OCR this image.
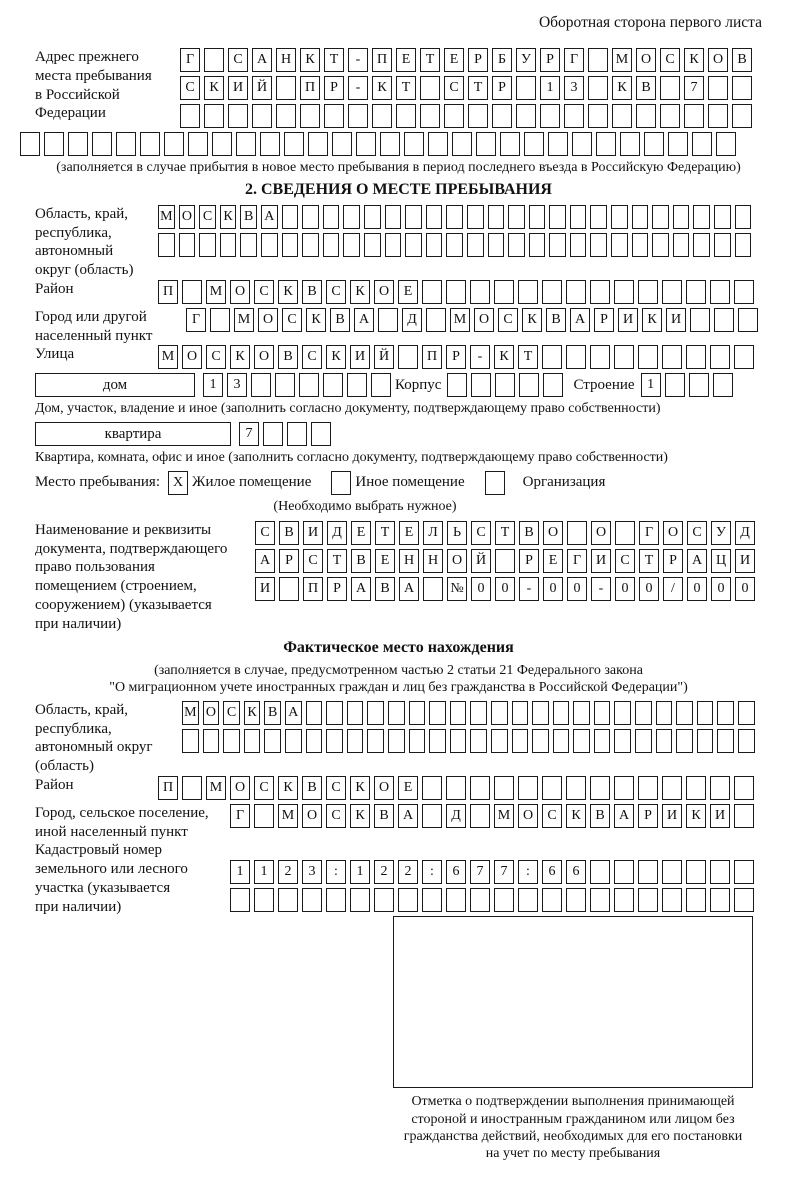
Оборотная сторона первого листа
Адрес прежнего
места пребывания
в Российской
Федерации
Г	С	А Н	К	Т	-	П	Е	Т	Е	Р	Б	У	Р	Г	М О	С	К	О	В
С	К	И Й	П	Р	-	К	Т	С	Т	Р	1	3	К	В	7
(заполняется в случае прибытия в новое место пребывания в период последнего въезда в Российскую Федерацию)
2. СВЕДЕНИЯ О МЕСТЕ ПРЕБЫВАНИЯ
Область, край,
республика,
автономный
округ (область)
М О С К В А
Район	П	М О	С	К	В	С	К	О	Е
Город или другой
населенный пункт
Г	М О	С	К	В	А	Д	М О	С	К	В	А	Р	И	К	И
Улица	М О	С	К	О	В	С	К	И Й	П	Р	-	К	Т
дом	1	3	Корпус	Строение 1
Дом, участок, владение и иное (заполнить согласно документу, подтверждающему право собственности)
квартира	7
Квартира, комната, офис и иное (заполнить согласно документу, подтверждающему право собственности)
Место пребывания: X Жилое помещение	Иное помещение	Организация
(Необходимо выбрать нужное)
Наименование и реквизиты
документа, подтверждающего
право пользования
помещением (строением,
сооружением) (указывается
при наличии)
С	В	И	Д	Е	Т	Е	Л	Ь	С	Т	В	О	О	Г	О	С	У	Д
А	Р	С	Т	В	Е	Н Н О Й	Р	Е	Г	И	С	Т	Р	А Ц И
И	П	Р	А	В	А	№ 0	0	-	0	0	-	0	0	/	0	0	0
Фактическое место нахождения
(заполняется в случае, предусмотренном частью 2 статьи 21 Федерального закона
"О миграционном учете иностранных граждан и лиц без гражданства в Российской Федерации")
Область, край,
республика,
автономный округ
(область)
М О С К В А
Район	П	М О	С	К	В	С	К	О	Е
Город, сельское поселение,
иной населенный пункт
Г	М О	С	К	В	А	Д	М О	С	К	В	А	Р	И	К	И
Кадастровый номер
земельного или лесного
участка (указывается
при наличии)
1	1	2	3	:	1	2	2	:	6	7	7	:	6	6
Отметка о подтверждении выполнения принимающей
стороной и иностранным гражданином или лицом без
гражданства действий, необходимых для его постановки
на учет по месту пребывания
